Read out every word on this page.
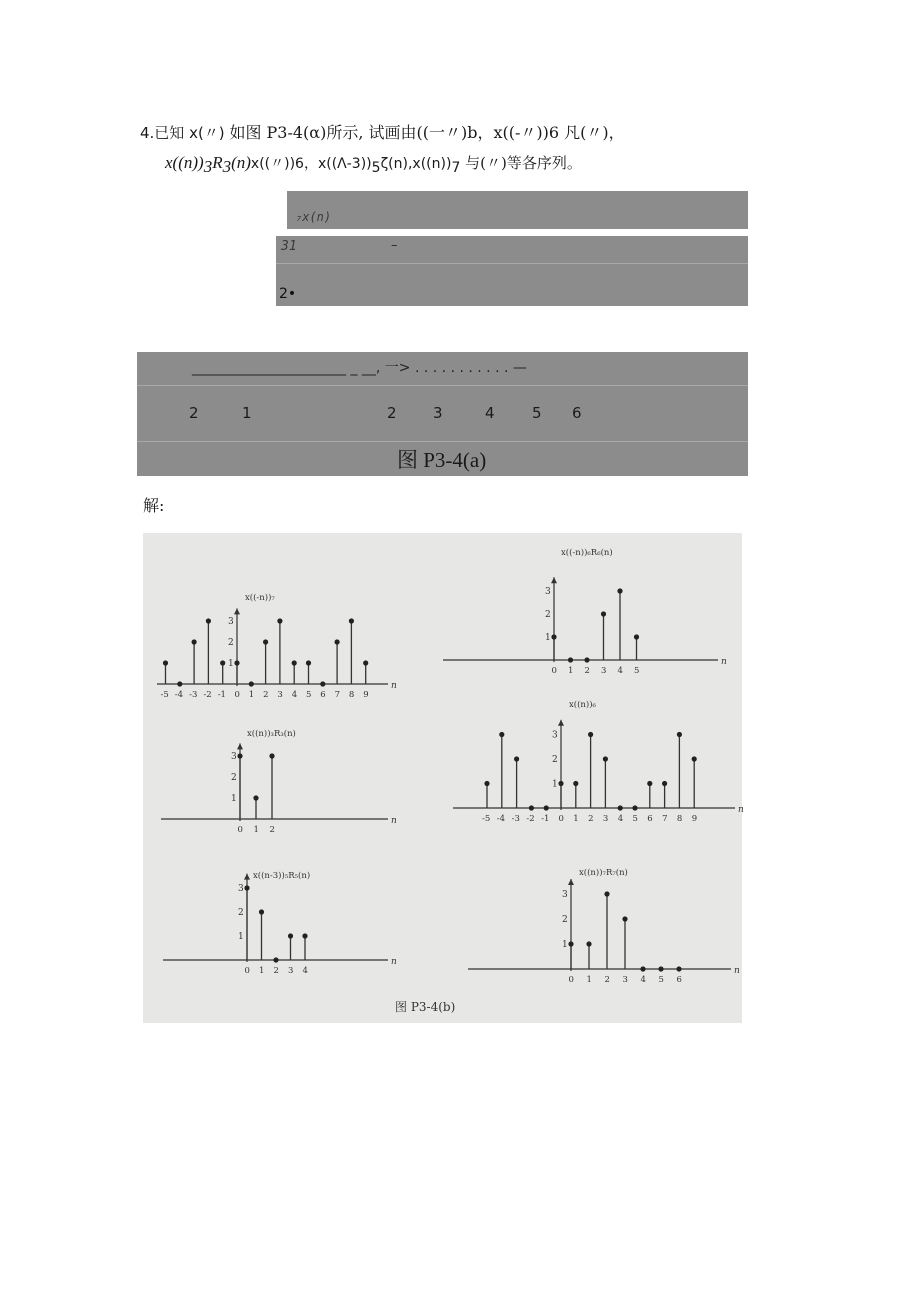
4.已知 x(〃) 如图 P3-4(α)所示, 试画由((一〃)b，x((-〃))6 凡(〃)，
$x((n))_3R_3(n)x$((〃))6，$x((\Lambda-3))_5\zeta(n),x((n))_7$ 与(〃)等各序列。
₇x(n)
31	–
2•
______________________ _ __, 一> . . . . . . . . . . . —
2	1	2 3	4 5 6
图 P3-4(a)
解:
n
1
2
3
x((-n))₇
-5 -4 -3 -2 -1 0 1 2 3 4 5 6 7 8 9
n
1
2
3
x((-n))₆R₆(n)
0 1 2 3 4 5
n
1
2
3
x((n))₃R₃(n)
0 1 2
n
1
2
3
x((n))₆
-5 -4 -3 -2 -1 0 1 2 3 4 5 6 7 8 9
n
1
2
3
x((n-3))₅R₅(n)
0 1 2 3 4	n
1
2
3
x((n))₇R₇(n)
0 1 2 3 4 5 6
图 P3-4(b)
